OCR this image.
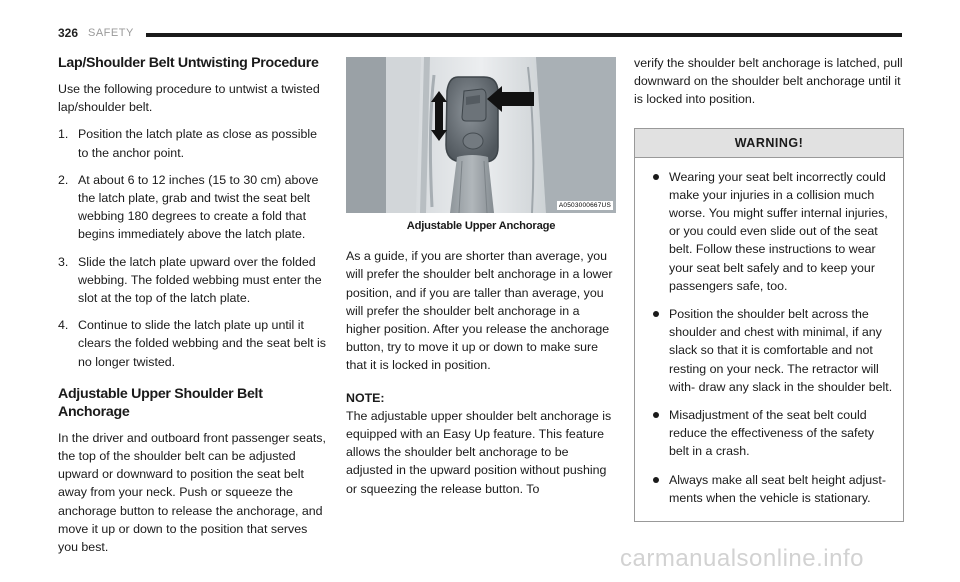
326 SAFETY
Lap/Shoulder Belt Untwisting Procedure

Use the following procedure to untwist a twisted lap/shoulder belt.

1. Position the latch plate as close as possible to the anchor point.
2. At about 6 to 12 inches (15 to 30 cm) above the latch plate, grab and twist the seat belt webbing 180 degrees to create a fold that begins immediately above the latch plate.
3. Slide the latch plate upward over the folded webbing. The folded webbing must enter the slot at the top of the latch plate.
4. Continue to slide the latch plate up until it clears the folded webbing and the seat belt is no longer twisted.
Adjustable Upper Shoulder Belt Anchorage

In the driver and outboard front passenger seats, the top of the shoulder belt can be adjusted upward or downward to position the seat belt away from your neck. Push or squeeze the anchorage button to release the anchorage, and move it up or down to the position that serves you best.

A0503000667US
Adjustable Upper Anchorage

As a guide, if you are shorter than average, you will prefer the shoulder belt anchorage in a lower position, and if you are taller than average, you will prefer the shoulder belt anchorage in a higher position. After you release the anchorage button, try to move it up or down to make sure that it is locked in position.

NOTE:

The adjustable upper shoulder belt anchorage is equipped with an Easy Up feature. This feature allows the shoulder belt anchorage to be adjusted in the upward position without pushing or squeezing the release button. To

verify the shoulder belt anchorage is latched, pull downward on the shoulder belt anchorage until it is locked into position.

WARNING!
Wearing your seat belt incorrectly could make your injuries in a collision much worse. You might suffer internal injuries, or you could even slide out of the seat belt. Follow these instructions to wear your seat belt safely and to keep your passengers safe, too.
Position the shoulder belt across the shoulder and chest with minimal, if any slack so that it is comfortable and not resting on your neck. The retractor will with- draw any slack in the shoulder belt.
Misadjustment of the seat belt could reduce the effectiveness of the safety belt in a crash.
Always make all seat belt height adjust- ments when the vehicle is stationary.
carmanualsonline.info
